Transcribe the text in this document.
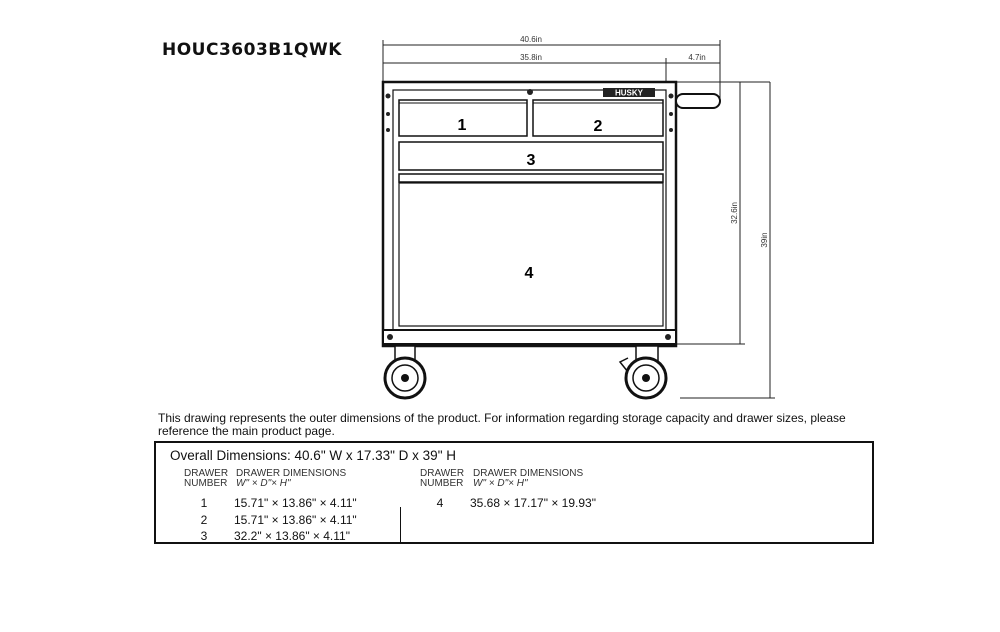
HOUC3603B1QWK
HUSKY
40.6in
35.8in	4.7in
32.6in
39in
1	2
3
4
This drawing represents the outer dimensions of the product. For information regarding storage capacity and drawer sizes, please reference the main product page.
Overall Dimensions: 40.6" W x 17.33" D x 39" H
DRAWER
NUMBER
DRAWER DIMENSIONS
W" × D"× H"
DRAWER
NUMBER
DRAWER DIMENSIONS
W" × D"× H"
1	15.71" × 13.86" × 4.11"
2	15.71" × 13.86" × 4.11"
3	32.2" × 13.86" × 4.11"
4	35.68 × 17.17" × 19.93"
